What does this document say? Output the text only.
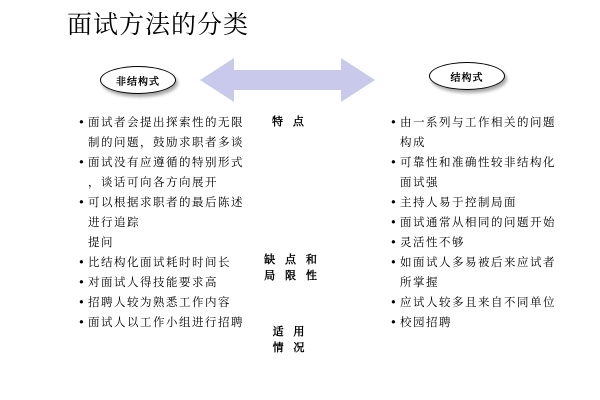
面试方法的分类
非结构式	结构式
• 面试者会提出探索性的无限
制的问题，鼓励求职者多谈
• 面试没有应遵循的特别形式
，谈话可向各方向展开
• 可以根据求职者的最后陈述
进行追踪
提问
• 比结构化面试耗时时间长
• 对面试人得技能要求高
• 招聘人较为熟悉工作内容
• 面试人以工作小组进行招聘
特 点
缺 点 和
局 限 性
适 用
情 况
• 由一系列与工作相关的问题
构成
• 可靠性和准确性较非结构化
面试强
• 主持人易于控制局面
• 面试通常从相同的问题开始
• 灵活性不够
• 如面试人多易被后来应试者
所掌握
• 应试人较多且来自不同单位
• 校园招聘
